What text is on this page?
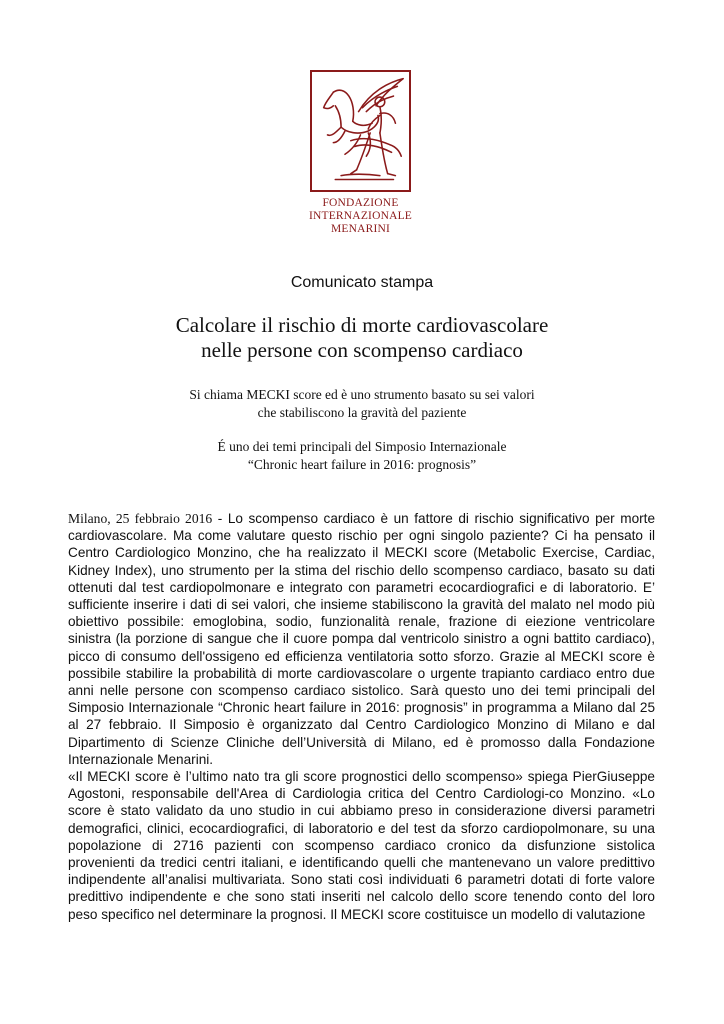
FONDAZIONE
INTERNAZIONALE
MENARINI
Comunicato stampa
Calcolare il rischio di morte cardiovascolare
nelle persone con scompenso cardiaco
Si chiama MECKI score ed è uno strumento basato su sei valori
che stabiliscono la gravità del paziente
É uno dei temi principali del Simposio Internazionale
“Chronic heart failure in 2016: prognosis”

Milano, 25 febbraio 2016 - Lo scompenso cardiaco è un fattore di rischio significativo per morte cardiovascolare. Ma come valutare questo rischio per ogni singolo paziente? Ci ha pensato il Centro Cardiologico Monzino, che ha realizzato il MECKI score (Metabolic Exercise, Cardiac, Kidney Index), uno strumento per la stima del rischio dello scompenso cardiaco, basato su dati ottenuti dal test cardiopolmonare e integrato con parametri ecocardiografici e di laboratorio. E’ sufficiente inserire i dati di sei valori, che insieme stabiliscono la gravità del malato nel modo più obiettivo possibile: emoglobina, sodio, funzionalità renale, frazione di eiezione ventricolare sinistra (la porzione di sangue che il cuore pompa dal ventricolo sinistro a ogni battito cardiaco), picco di consumo dell'ossigeno ed efficienza ventilatoria sotto sforzo. Grazie al MECKI score è possibile stabilire la probabilità di morte cardiovascolare o urgente trapianto cardiaco entro due anni nelle persone con scompenso cardiaco sistolico. Sarà questo uno dei temi principali del Simposio Internazionale “Chronic heart failure in 2016: prognosis” in programma a Milano dal 25 al 27 febbraio. Il Simposio è organizzato dal Centro Cardiologico Monzino di Milano e dal Dipartimento di Scienze Cliniche dell’Università di Milano, ed è promosso dalla Fondazione Internazionale Menarini.

«Il MECKI score è l’ultimo nato tra gli score prognostici dello scompenso» spiega PierGiuseppe Agostoni, responsabile dell'Area di Cardiologia critica del Centro Cardiologi-co Monzino. «Lo score è stato validato da uno studio in cui abbiamo preso in considerazione diversi parametri demografici, clinici, ecocardiografici, di laboratorio e del test da sforzo cardiopolmonare, su una popolazione di 2716 pazienti con scompenso cardiaco cronico da disfunzione sistolica provenienti da tredici centri italiani, e identificando quelli che mantenevano un valore predittivo indipendente all’analisi multivariata. Sono stati così individuati 6 parametri dotati di forte valore predittivo indipendente e che sono stati inseriti nel calcolo dello score tenendo conto del loro peso specifico nel determinare la prognosi. Il MECKI score costituisce un modello di valutazione
